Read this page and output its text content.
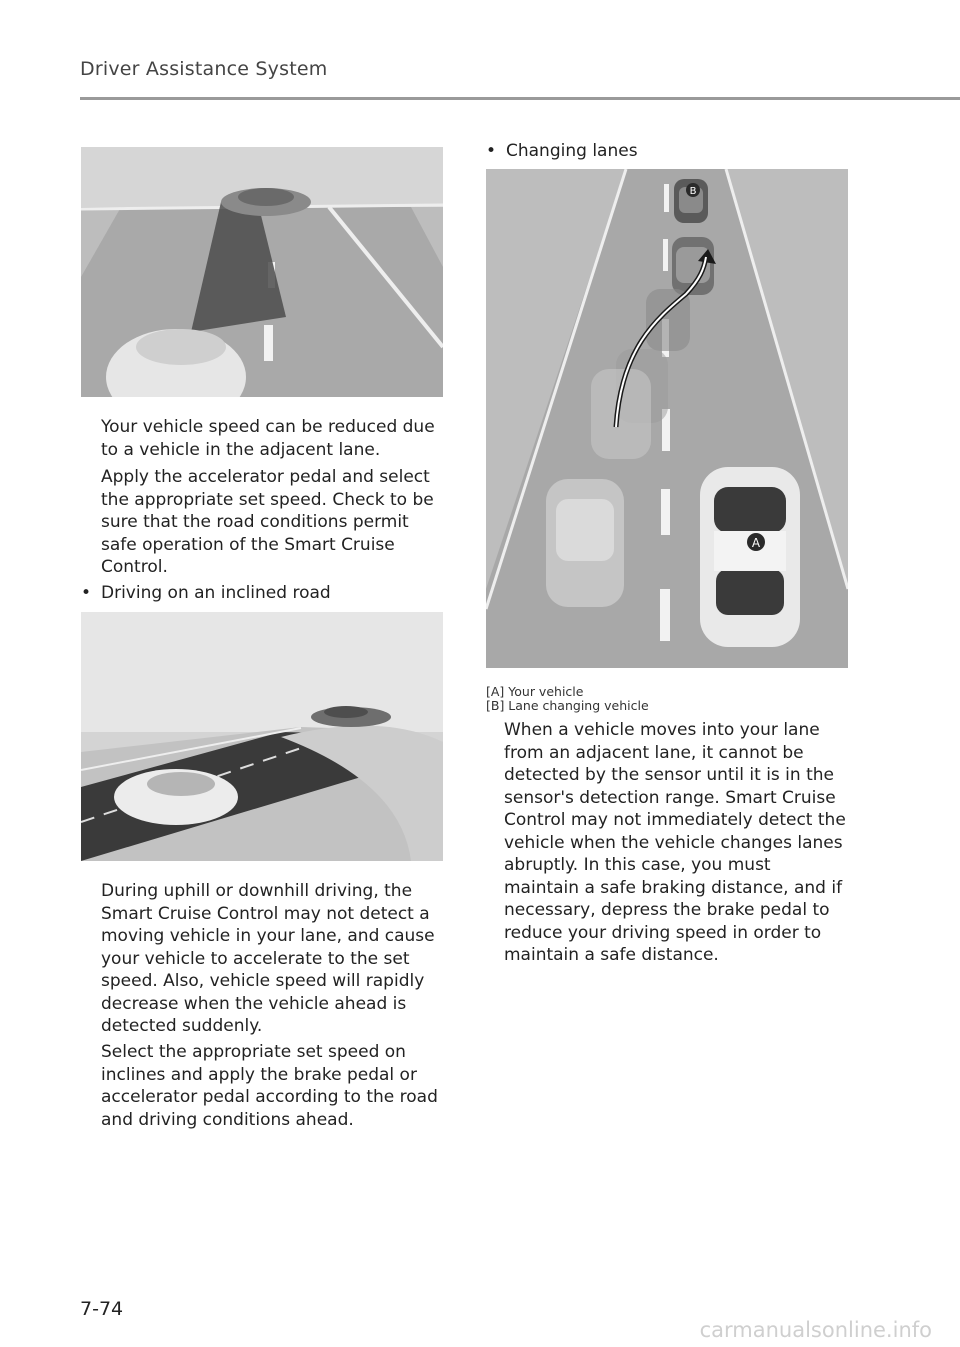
Driver Assistance System

Your vehicle speed can be reduced due to a vehicle in the adjacent lane.

Apply the accelerator pedal and select the appropriate set speed. Check to be sure that the road conditions permit safe operation of the Smart Cruise Control.

• Driving on an inclined road

During uphill or downhill driving, the Smart Cruise Control may not detect a moving vehicle in your lane, and cause your vehicle to accelerate to the set speed. Also, vehicle speed will rapidly decrease when the vehicle ahead is detected suddenly.

Select the appropriate set speed on inclines and apply the brake pedal or accelerator pedal according to the road and driving conditions ahead.

• Changing lanes
A
B
[A] Your vehicle
[B] Lane changing vehicle

When a vehicle moves into your lane from an adjacent lane, it cannot be detected by the sensor until it is in the sensor's detection range. Smart Cruise Control may not immediately detect the vehicle when the vehicle changes lanes abruptly. In this case, you must maintain a safe braking distance, and if necessary, depress the brake pedal to reduce your driving speed in order to maintain a safe distance.

7-74
carmanualsonline.info
